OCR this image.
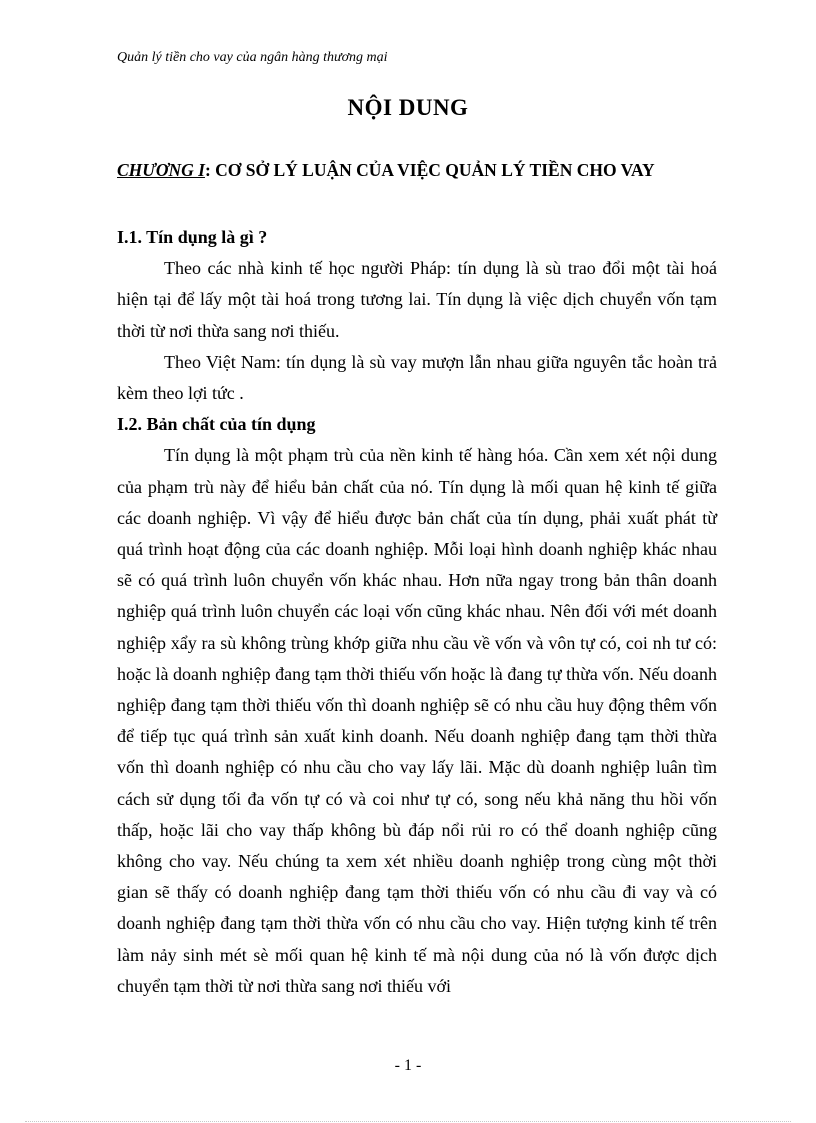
Quản lý tiền cho vay của ngân hàng thương mại
NỘI DUNG
CHƯƠNG I: CƠ SỞ LÝ LUẬN CỦA VIỆC QUẢN LÝ TIỀN CHO VAY
I.1. Tín dụng là gì ?

Theo các nhà kinh tế học người Pháp: tín dụng là sù trao đổi một tài hoá hiện tại để lấy một tài hoá trong tương lai. Tín dụng là việc dịch chuyển vốn tạm thời từ nơi thừa sang nơi thiếu.

Theo Việt Nam: tín dụng là sù vay mượn lẫn nhau giữa nguyên tắc hoàn trả kèm theo lợi tức .

I.2. Bản chất của tín dụng

Tín dụng là một phạm trù của nền kinh tế hàng hóa. Cần xem xét nội dung của phạm trù này để hiểu bản chất của nó. Tín dụng là mối quan hệ kinh tế giữa các doanh nghiệp. Vì vậy để hiểu được bản chất của tín dụng, phải xuất phát từ quá trình hoạt động của các doanh nghiệp. Mỗi loại hình doanh nghiệp khác nhau sẽ có quá trình luôn chuyển vốn khác nhau. Hơn nữa ngay trong bản thân doanh nghiệp quá trình luôn chuyển các loại vốn cũng khác nhau. Nên đối với mét doanh nghiệp xẩy ra sù không trùng khớp giữa nhu cầu về vốn và vôn tự có, coi nh tư có: hoặc là doanh nghiệp đang tạm thời thiếu vốn hoặc là đang tự thừa vốn. Nếu doanh nghiệp đang tạm thời thiếu vốn thì doanh nghiệp sẽ có nhu cầu huy động thêm vốn để tiếp tục quá trình sản xuất kinh doanh. Nếu doanh nghiệp đang tạm thời thừa vốn thì doanh nghiệp có nhu cầu cho vay lấy lãi. Mặc dù doanh nghiệp luân tìm cách sử dụng tối đa vốn tự có và coi như tự có, song nếu khả năng thu hồi vốn thấp, hoặc lãi cho vay thấp không bù đáp nổi rủi ro có thể doanh nghiệp cũng không cho vay. Nếu chúng ta xem xét nhiều doanh nghiệp trong cùng một thời gian sẽ thấy có doanh nghiệp đang tạm thời thiếu vốn có nhu cầu đi vay và có doanh nghiệp đang tạm thời thừa vốn có nhu cầu cho vay. Hiện tượng kinh tế trên làm nảy sinh mét sè mối quan hệ kinh tế mà nội dung của nó là vốn được dịch chuyển tạm thời từ nơi thừa sang nơi thiếu với

- 1 -
